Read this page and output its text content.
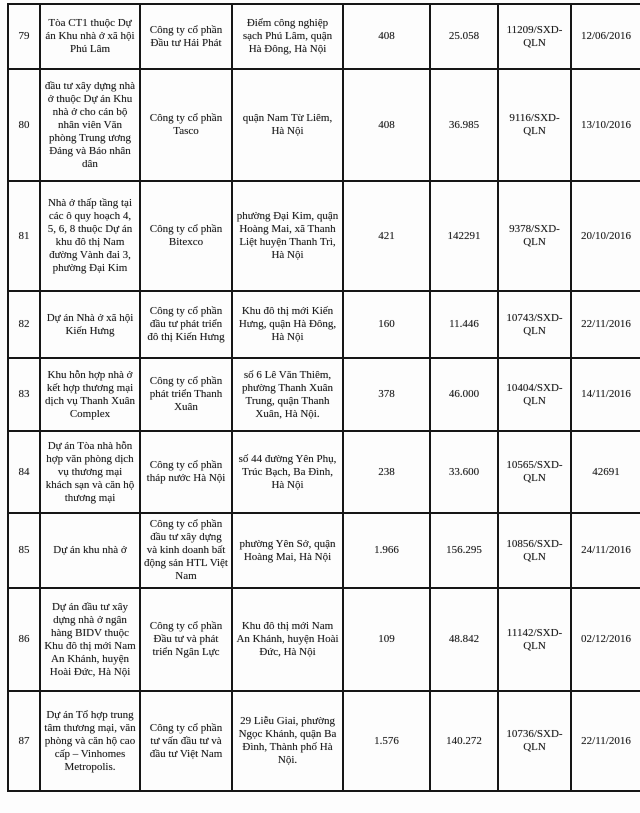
79	Tòa CT1 thuộc Dự án Khu nhà ở xã hội Phú Lâm	Công ty cổ phần Đầu tư Hải Phát	Điểm công nghiệp sạch Phú Lâm, quận Hà Đông, Hà Nội	408	25.058	11209/SXD-QLN	12/06/2016
80	đầu tư xây dựng nhà ở thuộc Dự án Khu nhà ở cho cán bộ nhân viên Văn phòng Trung ương Đảng và Báo nhân dân	Công ty cổ phần Tasco	quận Nam Từ Liêm, Hà Nội	408	36.985	9116/SXD-QLN	13/10/2016
81	Nhà ở thấp tầng tại các ô quy hoạch 4, 5, 6, 8 thuộc Dự án khu đô thị Nam đường Vành đai 3, phường Đại Kim	Công ty cổ phần Bitexco	phường Đại Kim, quận Hoàng Mai, xã Thanh Liệt huyện Thanh Trì, Hà Nội	421	142291	9378/SXD-QLN	20/10/2016
82	Dự án Nhà ở xã hội Kiến Hưng	Công ty cổ phần đầu tư phát triển đô thị Kiến Hưng	Khu đô thị mới Kiến Hưng, quận Hà Đông, Hà Nội	160	11.446	10743/SXD-QLN	22/11/2016
83	Khu hỗn hợp nhà ở kết hợp thương mại dịch vụ Thanh Xuân Complex	Công ty cổ phần phát triển Thanh Xuân	số 6 Lê Văn Thiêm, phường Thanh Xuân Trung, quận Thanh Xuân, Hà Nội.	378	46.000	10404/SXD-QLN	14/11/2016
84	Dự án Tòa nhà hỗn hợp văn phòng dịch vụ thương mại khách sạn và căn hộ thương mại	Công ty cổ phần tháp nước Hà Nội	số 44 đường Yên Phụ, Trúc Bạch, Ba Đình, Hà Nội	238	33.600	10565/SXD-QLN	42691
85	Dự án khu nhà ở	Công ty cổ phần đầu tư xây dựng và kinh doanh bất động sản HTL Việt Nam	phường Yên Sở, quận Hoàng Mai, Hà Nội	1.966	156.295	10856/SXD-QLN	24/11/2016
86	Dự án đầu tư xây dựng nhà ở ngân hàng BIDV thuộc Khu đô thị mới Nam An Khánh, huyện Hoài Đức, Hà Nội	Công ty cổ phần Đầu tư và phát triển Ngân Lực	Khu đô thị mới Nam An Khánh, huyện Hoài Đức, Hà Nội	109	48.842	11142/SXD-QLN	02/12/2016
87	Dự án Tổ hợp trung tâm thương mại, văn phòng và căn hộ cao cấp – Vinhomes Metropolis.	Công ty cổ phần tư vấn đầu tư và đầu tư Việt Nam	29 Liễu Giai, phường Ngọc Khánh, quận Ba Đình, Thành phố Hà Nội.	1.576	140.272	10736/SXD-QLN	22/11/2016
